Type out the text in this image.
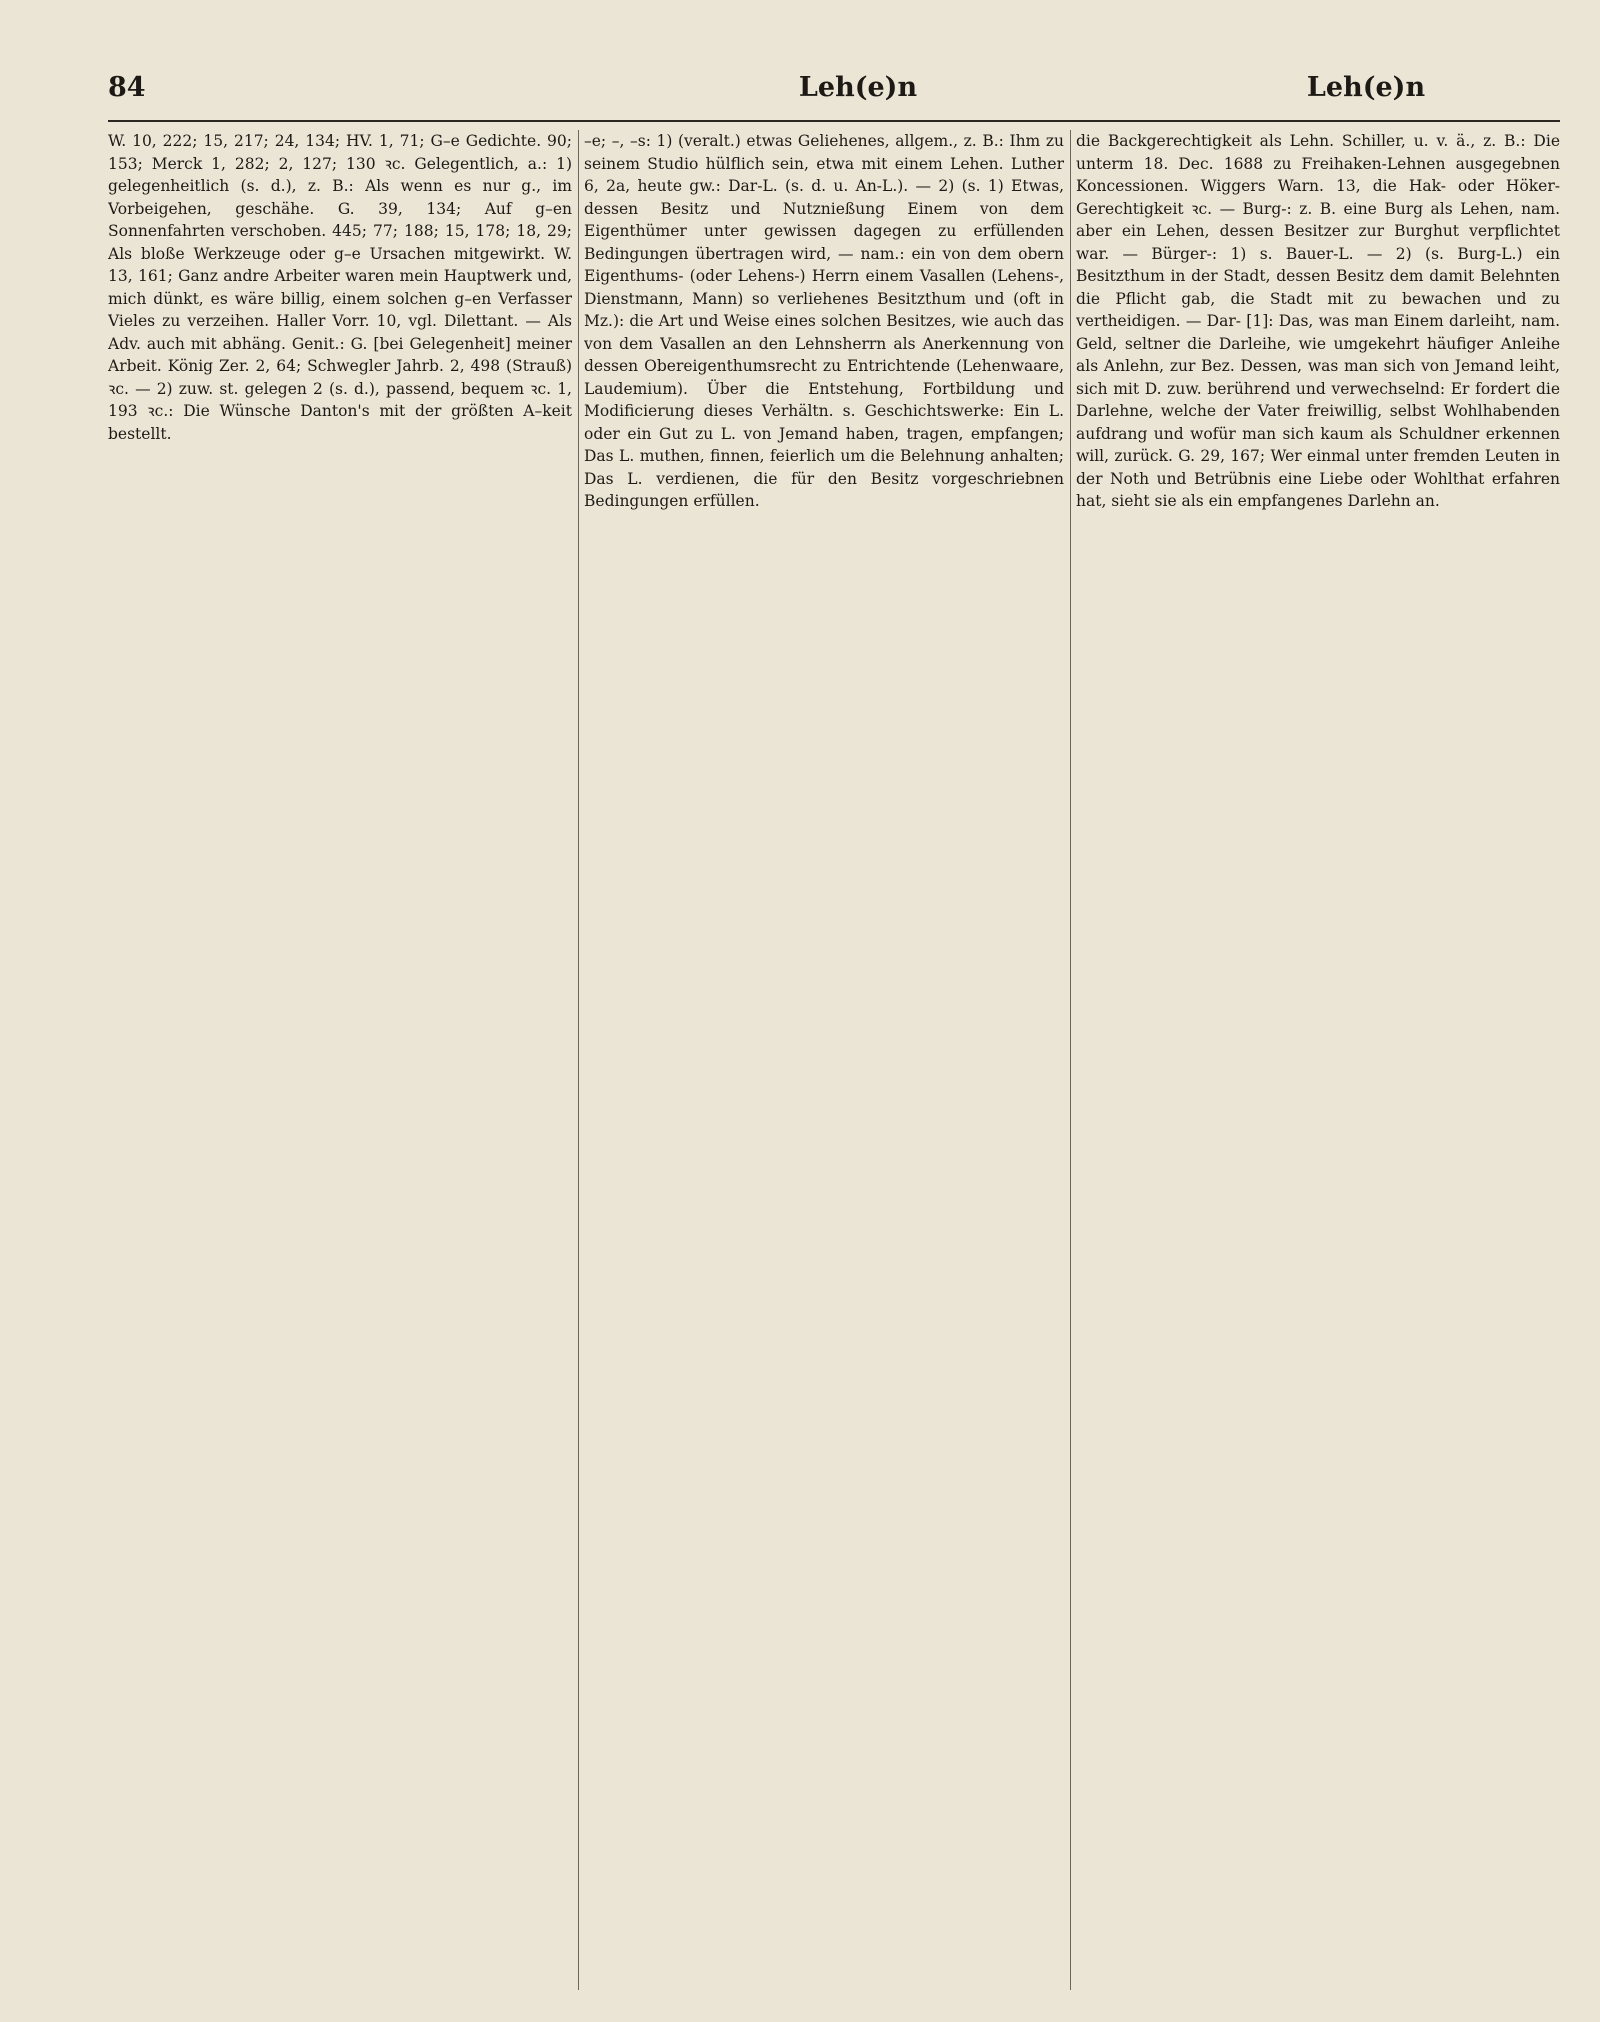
84	Leh(e)n	Leh(e)n

W. 10, 222; 15, 217; 24, 134; HV. 1, 71; G–e Gedichte. 90; 153; Merck 1, 282; 2, 127; 130 ꝛc. Gelegentlich, a.: 1) gelegenheitlich (s. d.), z. B.: Als wenn es nur g., im Vorbeigehen, geschähe. G. 39, 134; Auf g–en Sonnenfahrten verschoben. 445; 77; 188; 15, 178; 18, 29; Als bloße Werkzeuge oder g–e Ursachen mitgewirkt. W. 13, 161; Ganz andre Arbeiter waren mein Hauptwerk und, mich dünkt, es wäre billig, einem solchen g–en Verfasser Vieles zu verzeihen. Haller Vorr. 10, vgl. Dilettant. — Als Adv. auch mit abhäng. Genit.: G. [bei Gelegenheit] meiner Arbeit. König Zer. 2, 64; Schwegler Jahrb. 2, 498 (Strauß) ꝛc. — 2) zuw. st. gelegen 2 (s. d.), passend, bequem ꝛc. 1, 193 ꝛc.: Die Wünsche Danton's mit der größten A–keit bestellt.

–e; –, –s: 1) (veralt.) etwas Geliehenes, allgem., z. B.: Ihm zu seinem Studio hülflich sein, etwa mit einem Lehen. Luther 6, 2a, heute gw.: Dar-L. (s. d. u. An-L.). — 2) (s. 1) Etwas, dessen Besitz und Nutznießung Einem von dem Eigenthümer unter gewissen dagegen zu erfüllenden Bedingungen übertragen wird, — nam.: ein von dem obern Eigenthums- (oder Lehens-) Herrn einem Vasallen (Lehens-, Dienstmann, Mann) so verliehenes Besitzthum und (oft in Mz.): die Art und Weise eines solchen Besitzes, wie auch das von dem Vasallen an den Lehnsherrn als Anerkennung von dessen Obereigenthumsrecht zu Entrichtende (Lehenwaare, Laudemium). Über die Entstehung, Fortbildung und Modificierung dieses Verhältn. s. Geschichtswerke: Ein L. oder ein Gut zu L. von Jemand haben, tragen, empfangen; Das L. muthen, finnen, feierlich um die Belehnung anhalten; Das L. verdienen, die für den Besitz vorgeschriebnen Bedingungen erfüllen.

die Backgerechtigkeit als Lehn. Schiller, u. v. ä., z. B.: Die unterm 18. Dec. 1688 zu Freihaken-Lehnen ausgegebnen Koncessionen. Wiggers Warn. 13, die Hak- oder Höker-Gerechtigkeit ꝛc. — Burg-: z. B. eine Burg als Lehen, nam. aber ein Lehen, dessen Besitzer zur Burghut verpflichtet war. — Bürger-: 1) s. Bauer-L. — 2) (s. Burg-L.) ein Besitzthum in der Stadt, dessen Besitz dem damit Belehnten die Pflicht gab, die Stadt mit zu bewachen und zu vertheidigen. — Dar- [1]: Das, was man Einem darleiht, nam. Geld, seltner die Darleihe, wie umgekehrt häufiger Anleihe als Anlehn, zur Bez. Dessen, was man sich von Jemand leiht, sich mit D. zuw. berührend und verwechselnd: Er fordert die Darlehne, welche der Vater freiwillig, selbst Wohlhabenden aufdrang und wofür man sich kaum als Schuldner erkennen will, zurück. G. 29, 167; Wer einmal unter fremden Leuten in der Noth und Betrübnis eine Liebe oder Wohlthat erfahren hat, sieht sie als ein empfangenes Darlehn an.
